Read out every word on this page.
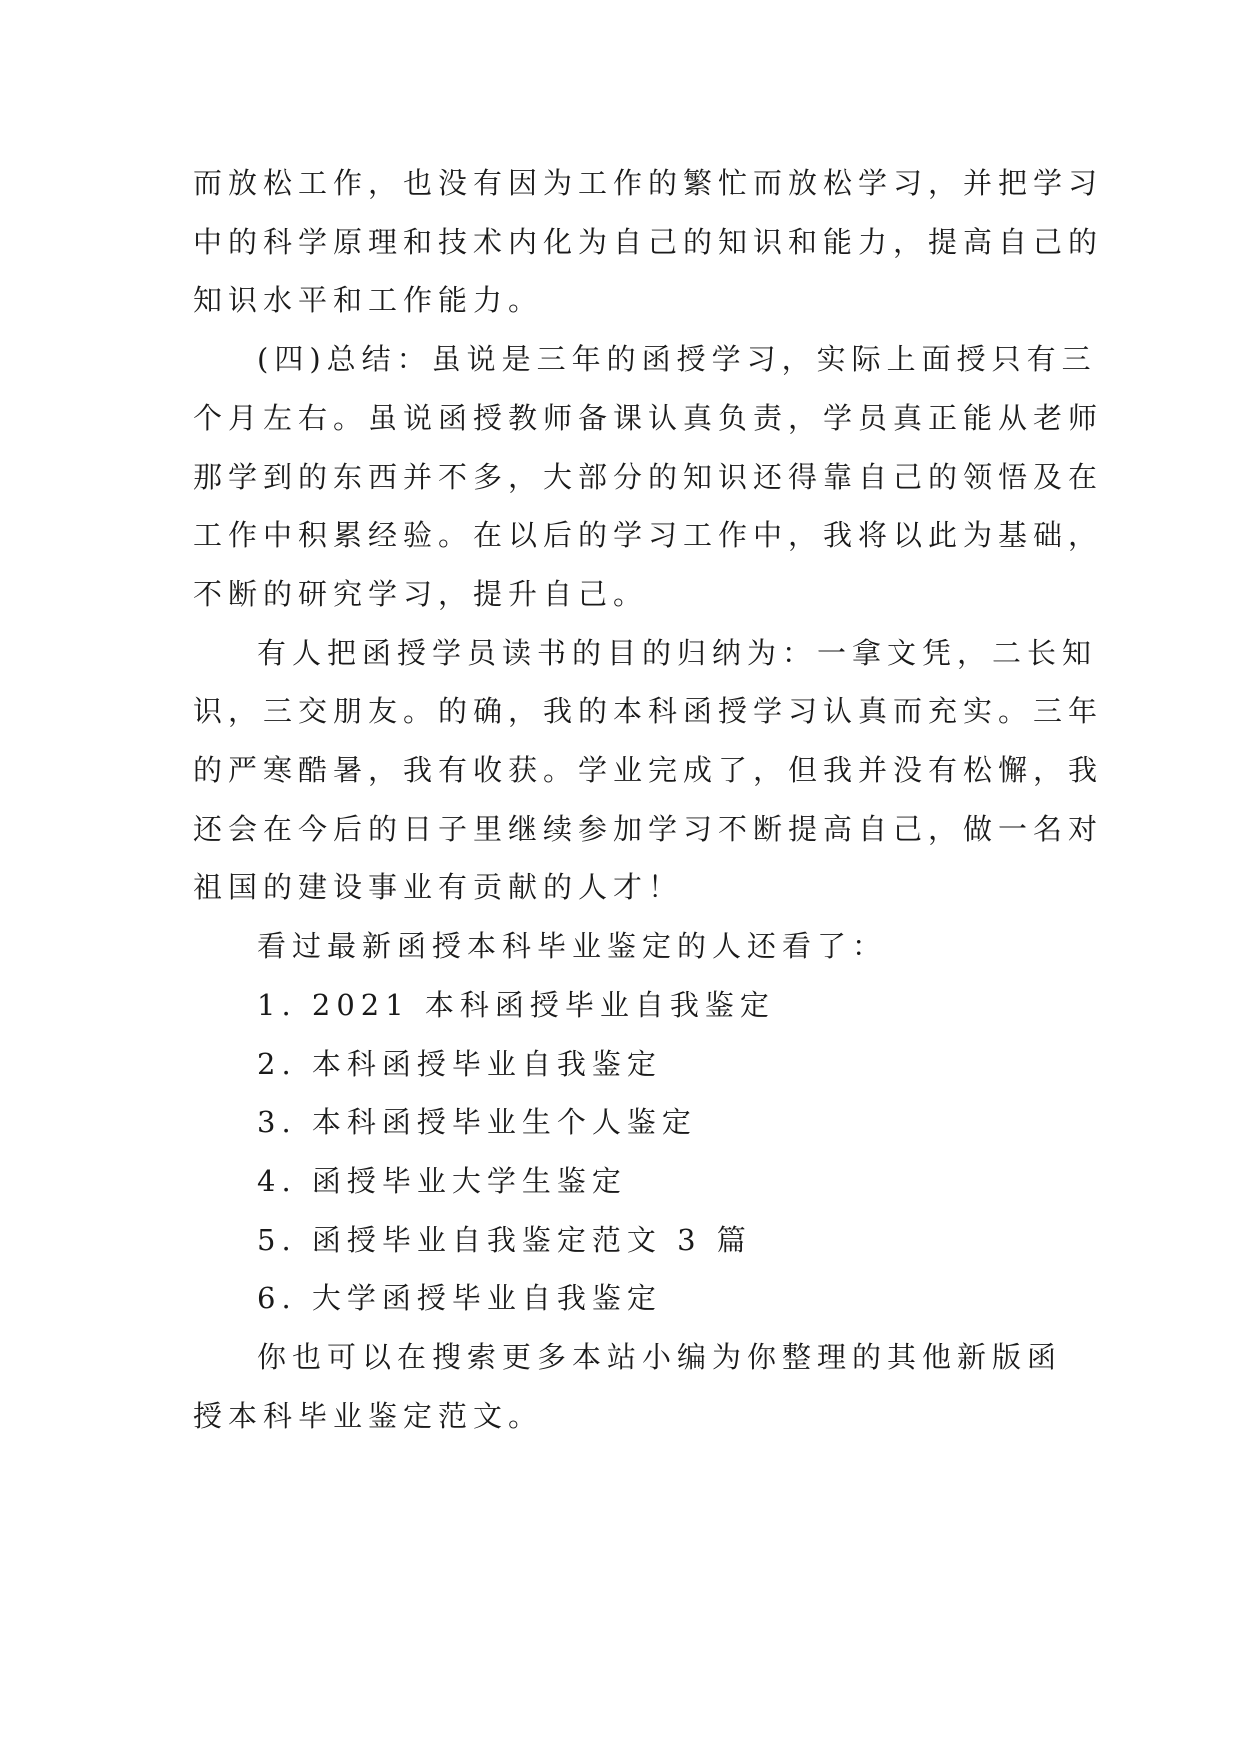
而放松工作，也没有因为工作的繁忙而放松学习，并把学习
中的科学原理和技术内化为自己的知识和能力，提高自己的
知识水平和工作能力。

(四)总结：虽说是三年的函授学习，实际上面授只有三
个月左右。虽说函授教师备课认真负责，学员真正能从老师
那学到的东西并不多，大部分的知识还得靠自己的领悟及在
工作中积累经验。在以后的学习工作中，我将以此为基础，
不断的研究学习，提升自己。

有人把函授学员读书的目的归纳为：一拿文凭，二长知
识，三交朋友。的确，我的本科函授学习认真而充实。三年
的严寒酷暑，我有收获。学业完成了，但我并没有松懈，我
还会在今后的日子里继续参加学习不断提高自己，做一名对
祖国的建设事业有贡献的人才！

看过最新函授本科毕业鉴定的人还看了：

1. 2021 本科函授毕业自我鉴定
2. 本科函授毕业自我鉴定
3. 本科函授毕业生个人鉴定
4. 函授毕业大学生鉴定
5. 函授毕业自我鉴定范文 3 篇
6. 大学函授毕业自我鉴定

你也可以在搜索更多本站小编为你整理的其他新版函
授本科毕业鉴定范文。
